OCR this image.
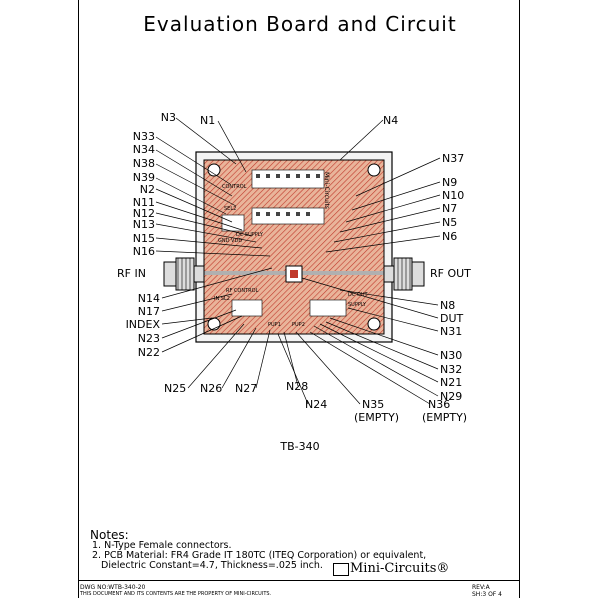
Evaluation Board and Circuit
CONTROL
DC SUPPLY
GND VDD
RF CONTROL
IN SL2
DC OUT
SUPPLY
SEL2
PUP1 PUP2
Mini-Circuits
RF IN	RF OUT
N3 N1
N33
N34
N38
N39
N2
N11
N12
N13
N15
N16
N14
N17
INDEX
N23
N22
N4
N37
N9
N10
N7
N5
N6
N8
DUT
N31
N30
N32
N21
N29
N25 N26 N27	N28
N24	N35
(EMPTY)
N36
(EMPTY)
TB-340
Notes:
1. N-Type Female connectors.
2. PCB Material: FR4 Grade IT 180TC (ITEQ Corporation) or equivalent,
Dielectric Constant=4.7, Thickness=.025 inch. Mini-Circuits®
DWG NO:WTB-340-20
THIS DOCUMENT AND ITS CONTENTS ARE THE PROPERTY OF MINI-CIRCUITS.
REV:A
SH:3 OF 4
